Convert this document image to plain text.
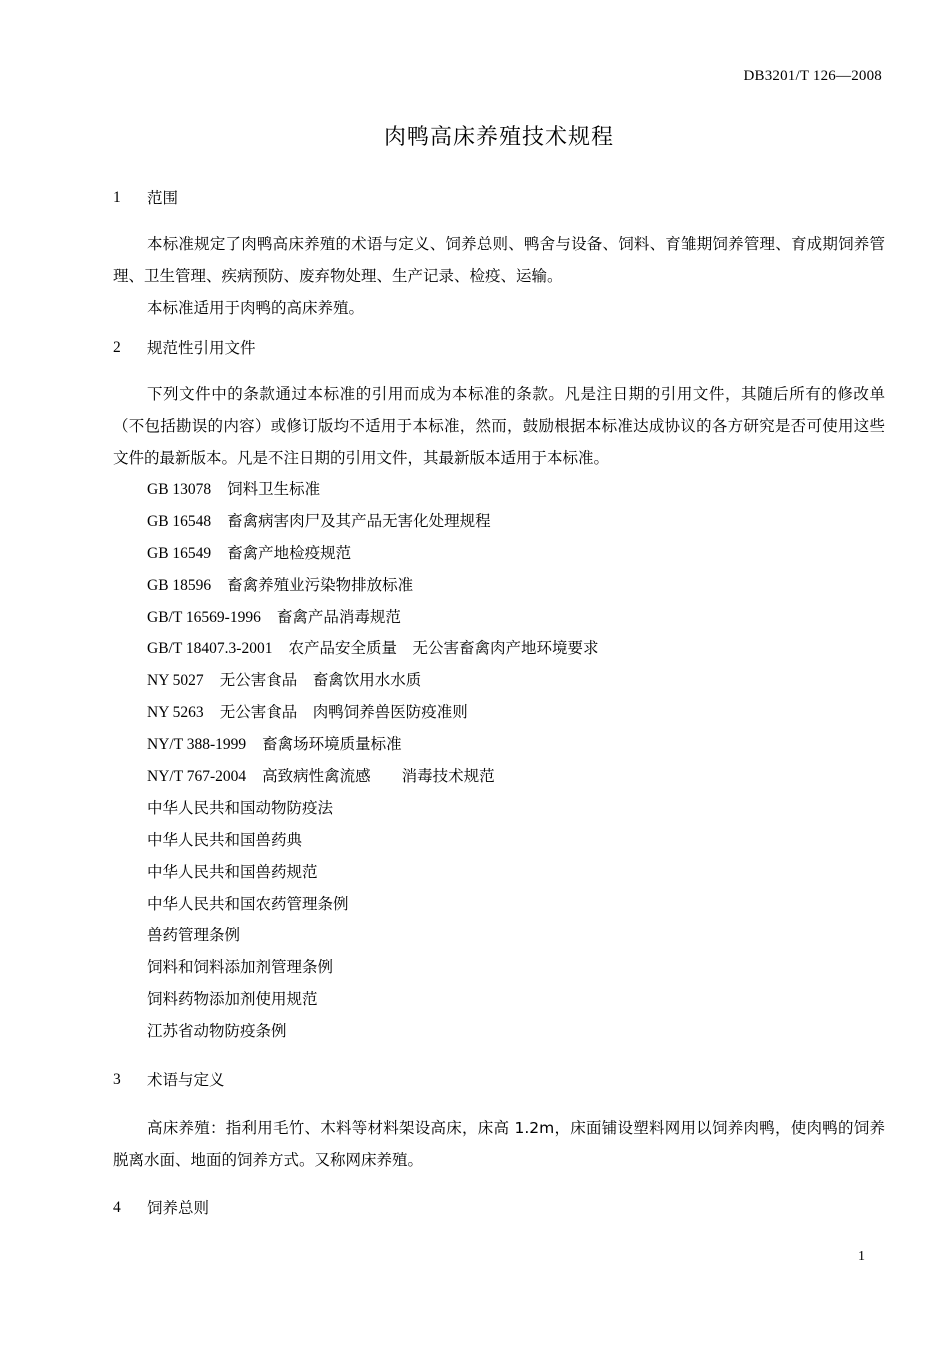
DB3201/T 126—2008
肉鸭高床养殖技术规程
1	范围
本标准规定了肉鸭高床养殖的术语与定义、饲养总则、鸭舍与设备、饲料、育雏期饲养管理、育成期饲养管理、卫生管理、疾病预防、废弃物处理、生产记录、检疫、运输。
本标准适用于肉鸭的高床养殖。
2	规范性引用文件
下列文件中的条款通过本标准的引用而成为本标准的条款。凡是注日期的引用文件，其随后所有的修改单（不包括勘误的内容）或修订版均不适用于本标准，然而，鼓励根据本标准达成协议的各方研究是否可使用这些文件的最新版本。凡是不注日期的引用文件，其最新版本适用于本标准。
GB 13078 饲料卫生标准
GB 16548 畜禽病害肉尸及其产品无害化处理规程
GB 16549 畜禽产地检疫规范
GB 18596 畜禽养殖业污染物排放标准
GB/T 16569-1996 畜禽产品消毒规范
GB/T 18407.3-2001 农产品安全质量　无公害畜禽肉产地环境要求
NY 5027 无公害食品　畜禽饮用水水质
NY 5263 无公害食品　肉鸭饲养兽医防疫准则
NY/T 388-1999 畜禽场环境质量标准
NY/T 767-2004 高致病性禽流感　　消毒技术规范
中华人民共和国动物防疫法
中华人民共和国兽药典
中华人民共和国兽药规范
中华人民共和国农药管理条例
兽药管理条例
饲料和饲料添加剂管理条例
饲料药物添加剂使用规范
江苏省动物防疫条例
3	术语与定义
高床养殖：指利用毛竹、木料等材料架设高床，床高 1.2m，床面铺设塑料网用以饲养肉鸭，使肉鸭的饲养脱离水面、地面的饲养方式。又称网床养殖。
4	饲养总则
1
